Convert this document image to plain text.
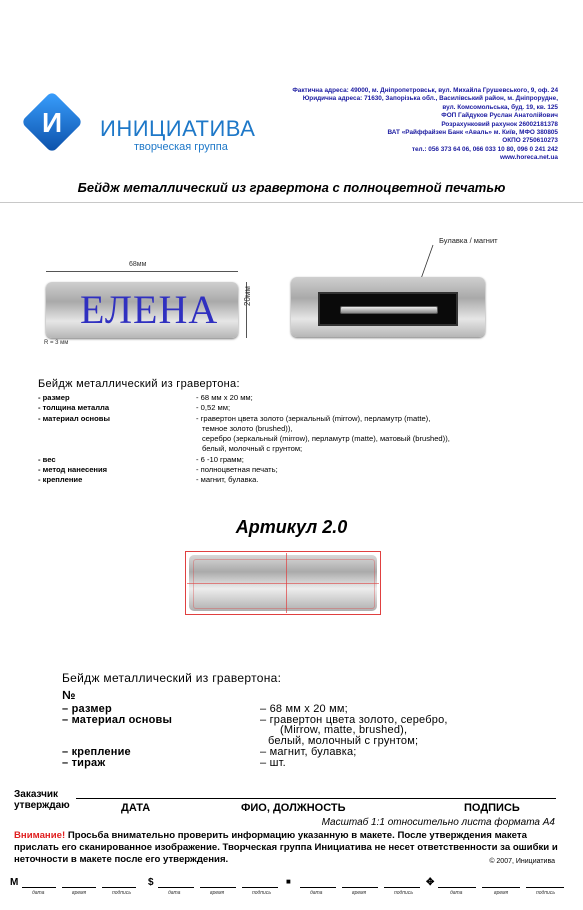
И ИНИЦИАТИВА
творческая группа
Фактична адреса: 49000, м. Дніпропетровськ, вул. Михайла Грушевського, 9, оф. 24
Юридична адреса: 71630, Запорізька обл., Василівський район, м. Дніпрорудне,
вул. Комсомольська, буд. 19, кв. 125
ФОП Гайдуков Руслан Анатолійович
Розрахунковий рахунок 26002181378
ВАТ «Райффайзен Банк «Аваль» м. Київ, МФО 380805
ОКПО 2750610273
тел.: 056 373 64 06, 066 033 10 80, 096 0 241 242
www.horeca.net.ua
Бейдж металлический из гравертона с полноцветной печатью
68мм
ЕЛЕНА	20мм
R = 3 мм
Булавка / магнит
Бейдж металлический из гравертона:
- размер	- 68 мм х 20 мм;
- толщина металла	- 0,52 мм;
- материал основы	- гравертон цвета золото (зеркальный (mirrow), перламутр (matte),
темное золото (brushed)),
серебро (зеркальный (mirrow), перламутр (matte), матовый (brushed)),
белый, молочный с грунтом;
- вес	- 6 -10 грамм;
- метод нанесения	- полноцветная печать;
- крепление	- магнит, булавка.
Артикул 2.0
Бейдж металлический из гравертона:
№
– размер	– 68 мм х 20 мм;
– материал основы	– гравертон цвета золото, серебро,
(Mirrow, matte, brushed),
белый, молочный с грунтом;
– крепление	– магнит, булавка;
– тираж	– шт.
Заказчик
утверждаю	ДАТА	ФИО, ДОЛЖНОСТЬ	ПОДПИСЬ
Масштаб 1:1 относительно листа формата А4
Внимание! Просьба внимательно проверить информацию указанную в макете. После утверждения макета прислать его сканированное изображение. Творческая группа Инициатива не несет ответственности за ошибки и неточности в макете после его утверждения.	© 2007, Инициатива
M
дата	время	подпись
$
дата	время	подпись
■
дата	время	подпись
✥
дата	время	подпись
